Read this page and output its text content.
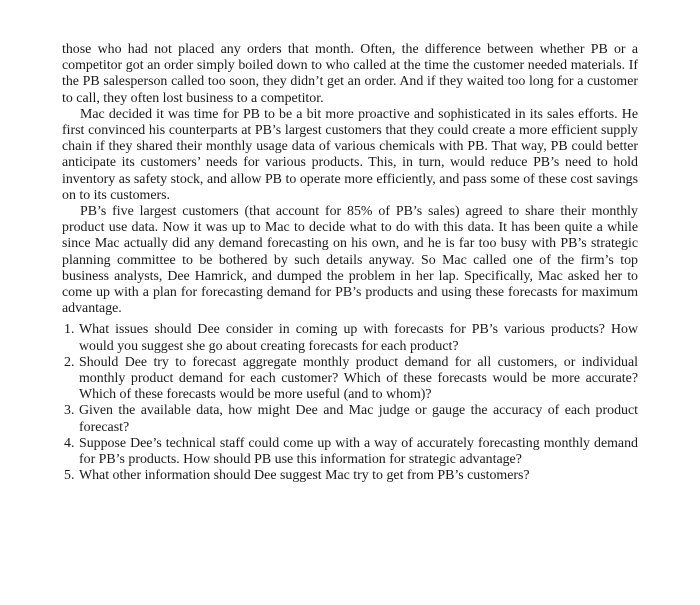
those who had not placed any orders that month. Often, the difference between whether PB or a competitor got an order simply boiled down to who called at the time the customer needed materials. If the PB salesperson called too soon, they didn’t get an order. And if they waited too long for a customer to call, they often lost business to a competitor.

Mac decided it was time for PB to be a bit more proactive and sophisticated in its sales efforts. He first convinced his counterparts at PB’s largest customers that they could create a more efficient supply chain if they shared their monthly usage data of various chemicals with PB. That way, PB could better anticipate its customers’ needs for various products. This, in turn, would reduce PB’s need to hold inventory as safety stock, and allow PB to operate more efficiently, and pass some of these cost savings on to its customers.

PB’s five largest customers (that account for 85% of PB’s sales) agreed to share their monthly product use data. Now it was up to Mac to decide what to do with this data. It has been quite a while since Mac actually did any demand forecasting on his own, and he is far too busy with PB’s strategic planning committee to be bothered by such details anyway. So Mac called one of the firm’s top business analysts, Dee Hamrick, and dumped the problem in her lap. Specifically, Mac asked her to come up with a plan for forecasting demand for PB’s products and using these forecasts for maximum advantage.

1. What issues should Dee consider in coming up with forecasts for PB’s various products? How would you suggest she go about creating forecasts for each product?
2. Should Dee try to forecast aggregate monthly product demand for all customers, or individual monthly product demand for each customer? Which of these forecasts would be more accurate? Which of these forecasts would be more useful (and to whom)?
3. Given the available data, how might Dee and Mac judge or gauge the accuracy of each product forecast?
4. Suppose Dee’s technical staff could come up with a way of accurately forecasting monthly demand for PB’s products. How should PB use this information for strategic advantage?
5. What other information should Dee suggest Mac try to get from PB’s customers?
